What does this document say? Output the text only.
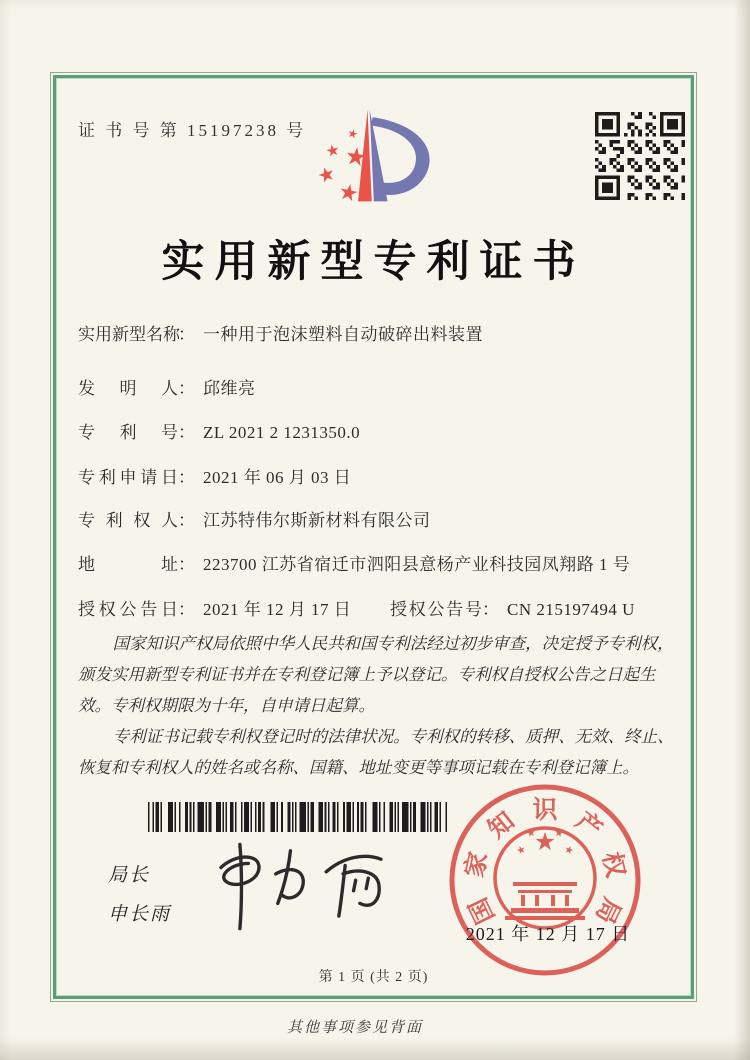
证 书 号 第 15197238 号
实用新型专利证书
实用新型名称： 一种用于泡沫塑料自动破碎出料装置
发明人： 邱维亮
专利号： ZL 2021 2 1231350.0
专利申请日： 2021 年 06 月 03 日
专利权人： 江苏特伟尔斯新材料有限公司
地址： 223700 江苏省宿迁市泗阳县意杨产业科技园凤翔路 1 号
授权公告日： 2021 年 12 月 17 日 授权公告号： CN 215197494 U

国家知识产权局依照中华人民共和国专利法经过初步审查，决定授予专利权，颁发实用新型专利证书并在专利登记簿上予以登记。专利权自授权公告之日起生效。专利权期限为十年，自申请日起算。

专利证书记载专利权登记时的法律状况。专利权的转移、质押、无效、终止、恢复和专利权人的姓名或名称、国籍、地址变更等事项记载在专利登记簿上。

局长
申长雨	国
家
知 识 产
权
局
2021 年 12 月 17 日
第 1 页 (共 2 页)
其他事项参见背面
